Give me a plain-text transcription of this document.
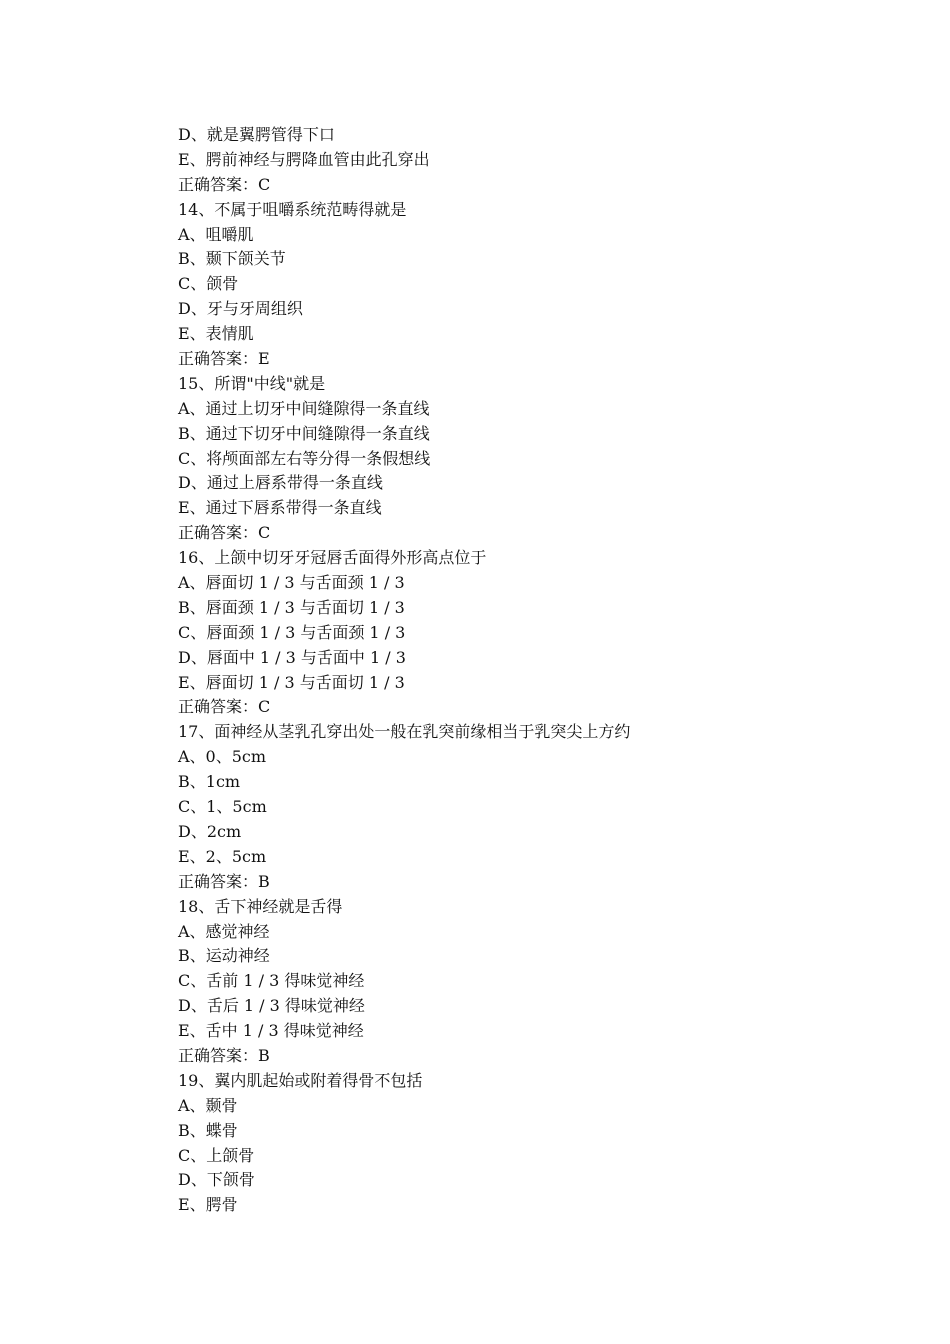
D、就是翼腭管得下口
E、腭前神经与腭降血管由此孔穿出
正确答案：C
14、不属于咀嚼系统范畴得就是
A、咀嚼肌
B、颞下颌关节
C、颌骨
D、牙与牙周组织
E、表情肌
正确答案：E
15、所谓"中线"就是
A、通过上切牙中间缝隙得一条直线
B、通过下切牙中间缝隙得一条直线
C、将颅面部左右等分得一条假想线
D、通过上唇系带得一条直线
E、通过下唇系带得一条直线
正确答案：C
16、上颌中切牙牙冠唇舌面得外形高点位于
A、唇面切 1 / 3 与舌面颈 1 / 3
B、唇面颈 1 / 3 与舌面切 1 / 3
C、唇面颈 1 / 3 与舌面颈 1 / 3
D、唇面中 1 / 3 与舌面中 1 / 3
E、唇面切 1 / 3 与舌面切 1 / 3
正确答案：C
17、面神经从茎乳孔穿出处一般在乳突前缘相当于乳突尖上方约
A、0、5cm
B、1cm
C、1、5cm
D、2cm
E、2、5cm
正确答案：B
18、舌下神经就是舌得
A、感觉神经
B、运动神经
C、舌前 1 / 3 得味觉神经
D、舌后 1 / 3 得味觉神经
E、舌中 1 / 3 得味觉神经
正确答案：B
19、翼内肌起始或附着得骨不包括
A、颞骨
B、蝶骨
C、上颌骨
D、下颌骨
E、腭骨
